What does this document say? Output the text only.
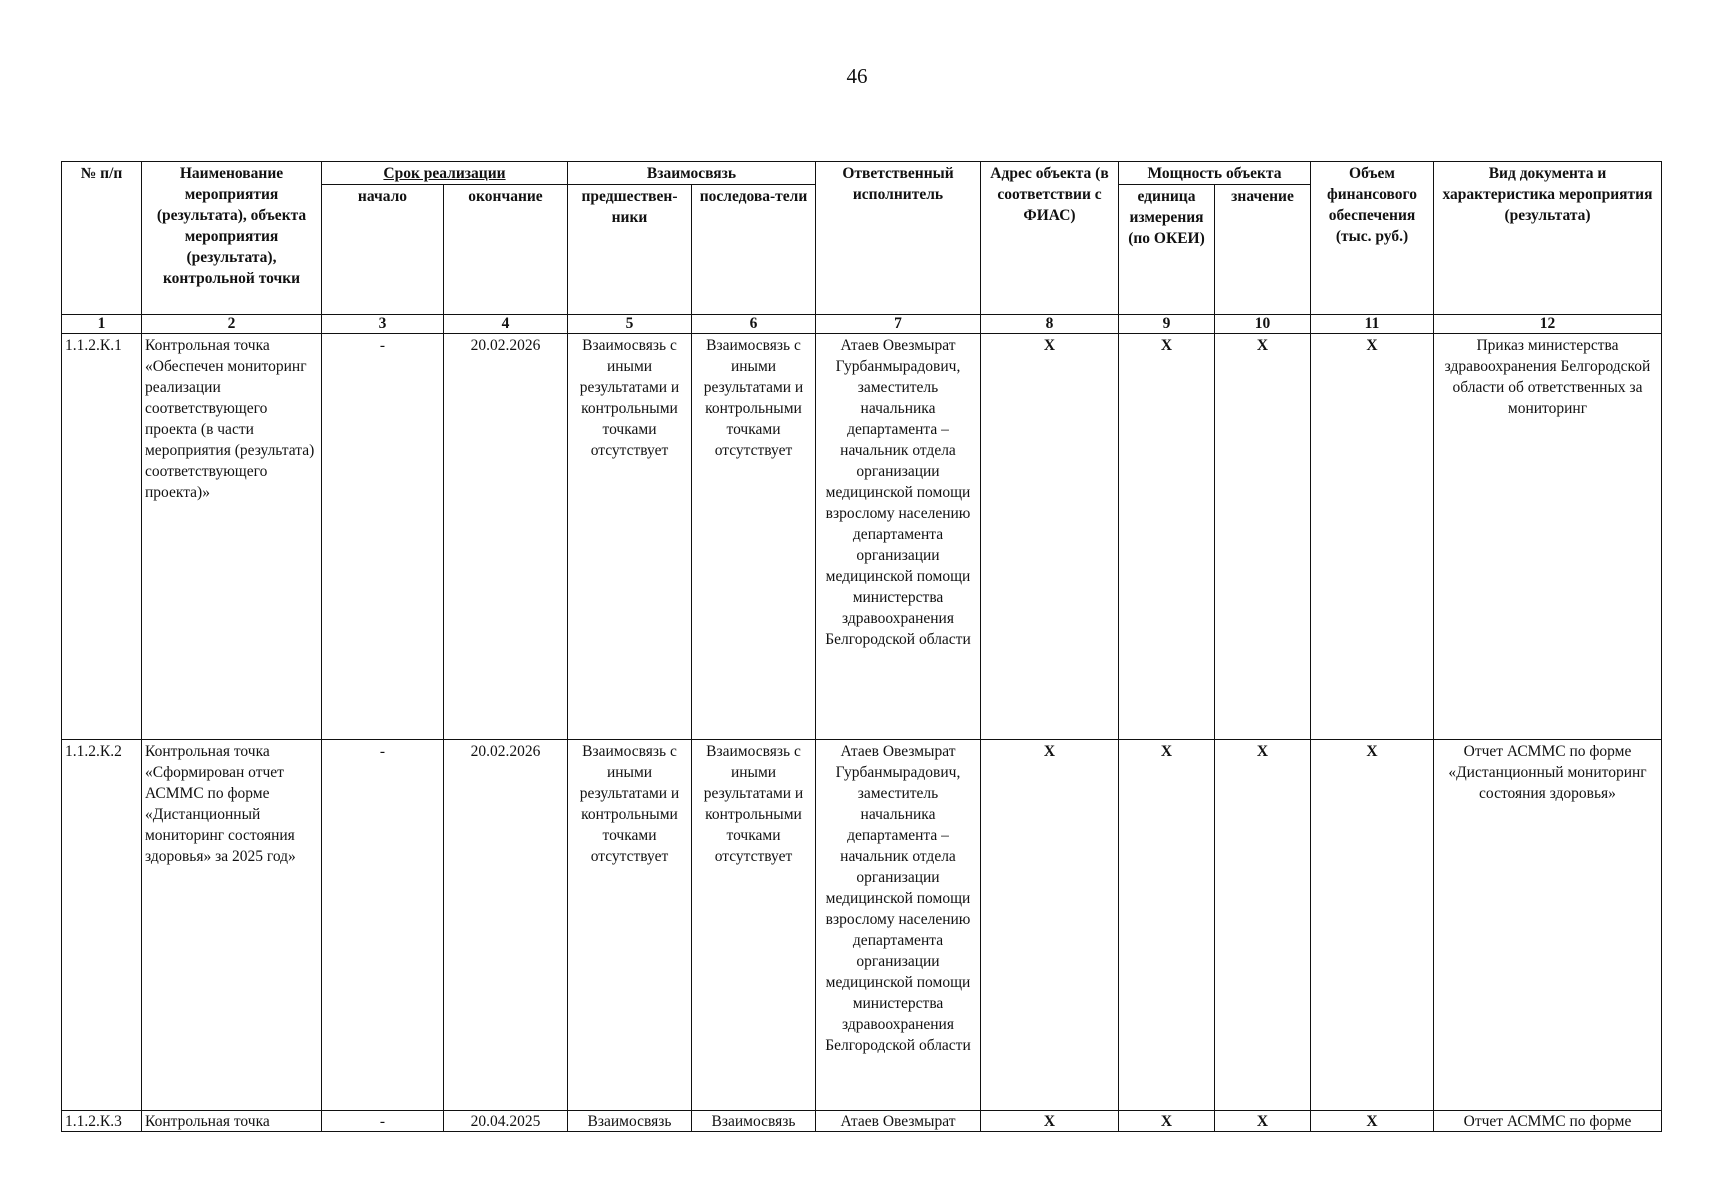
46
№ п/п	Наименование мероприятия (результата), объекта мероприятия (результата), контрольной точки	Срок реализации		Взаимосвязь		Ответственный исполнитель	Адрес объекта (в соответствии с ФИАС)	Мощность объекта		Объем финансового обеспечения (тыс. руб.)	Вид документа и характеристика мероприятия (результата)
		начало	окончание	предшествен-ники	последова-тели			единица измерения (по ОКЕИ)	значение		
1	2	3	4	5	6	7	8	9	10	11	12
1.1.2.К.1	Контрольная точка «Обеспечен мониторинг реализации соответствующего проекта (в части мероприятия (результата) соответствующего проекта)»	-	20.02.2026	Взаимосвязь с иными результатами и контрольными точками отсутствует	Взаимосвязь с иными результатами и контрольными точками отсутствует	Атаев Овезмырат Гурбанмырадович, заместитель начальника департамента – начальник отдела организации медицинской помощи взрослому населению департамента организации медицинской помощи министерства здравоохранения Белгородской области	Х	Х	Х	Х	Приказ министерства здравоохранения Белгородской области об ответственных за мониторинг
1.1.2.К.2	Контрольная точка «Сформирован отчет АСММС по форме «Дистанционный мониторинг состояния здоровья» за 2025 год»	-	20.02.2026	Взаимосвязь с иными результатами и контрольными точками отсутствует	Взаимосвязь с иными результатами и контрольными точками отсутствует	Атаев Овезмырат Гурбанмырадович, заместитель начальника департамента – начальник отдела организации медицинской помощи взрослому населению департамента организации медицинской помощи министерства здравоохранения Белгородской области	Х	Х	Х	Х	Отчет АСММС по форме «Дистанционный мониторинг состояния здоровья»
1.1.2.К.3	Контрольная точка	-	20.04.2025	Взаимосвязь	Взаимосвязь	Атаев Овезмырат	Х	Х	Х	Х	Отчет АСММС по форме
